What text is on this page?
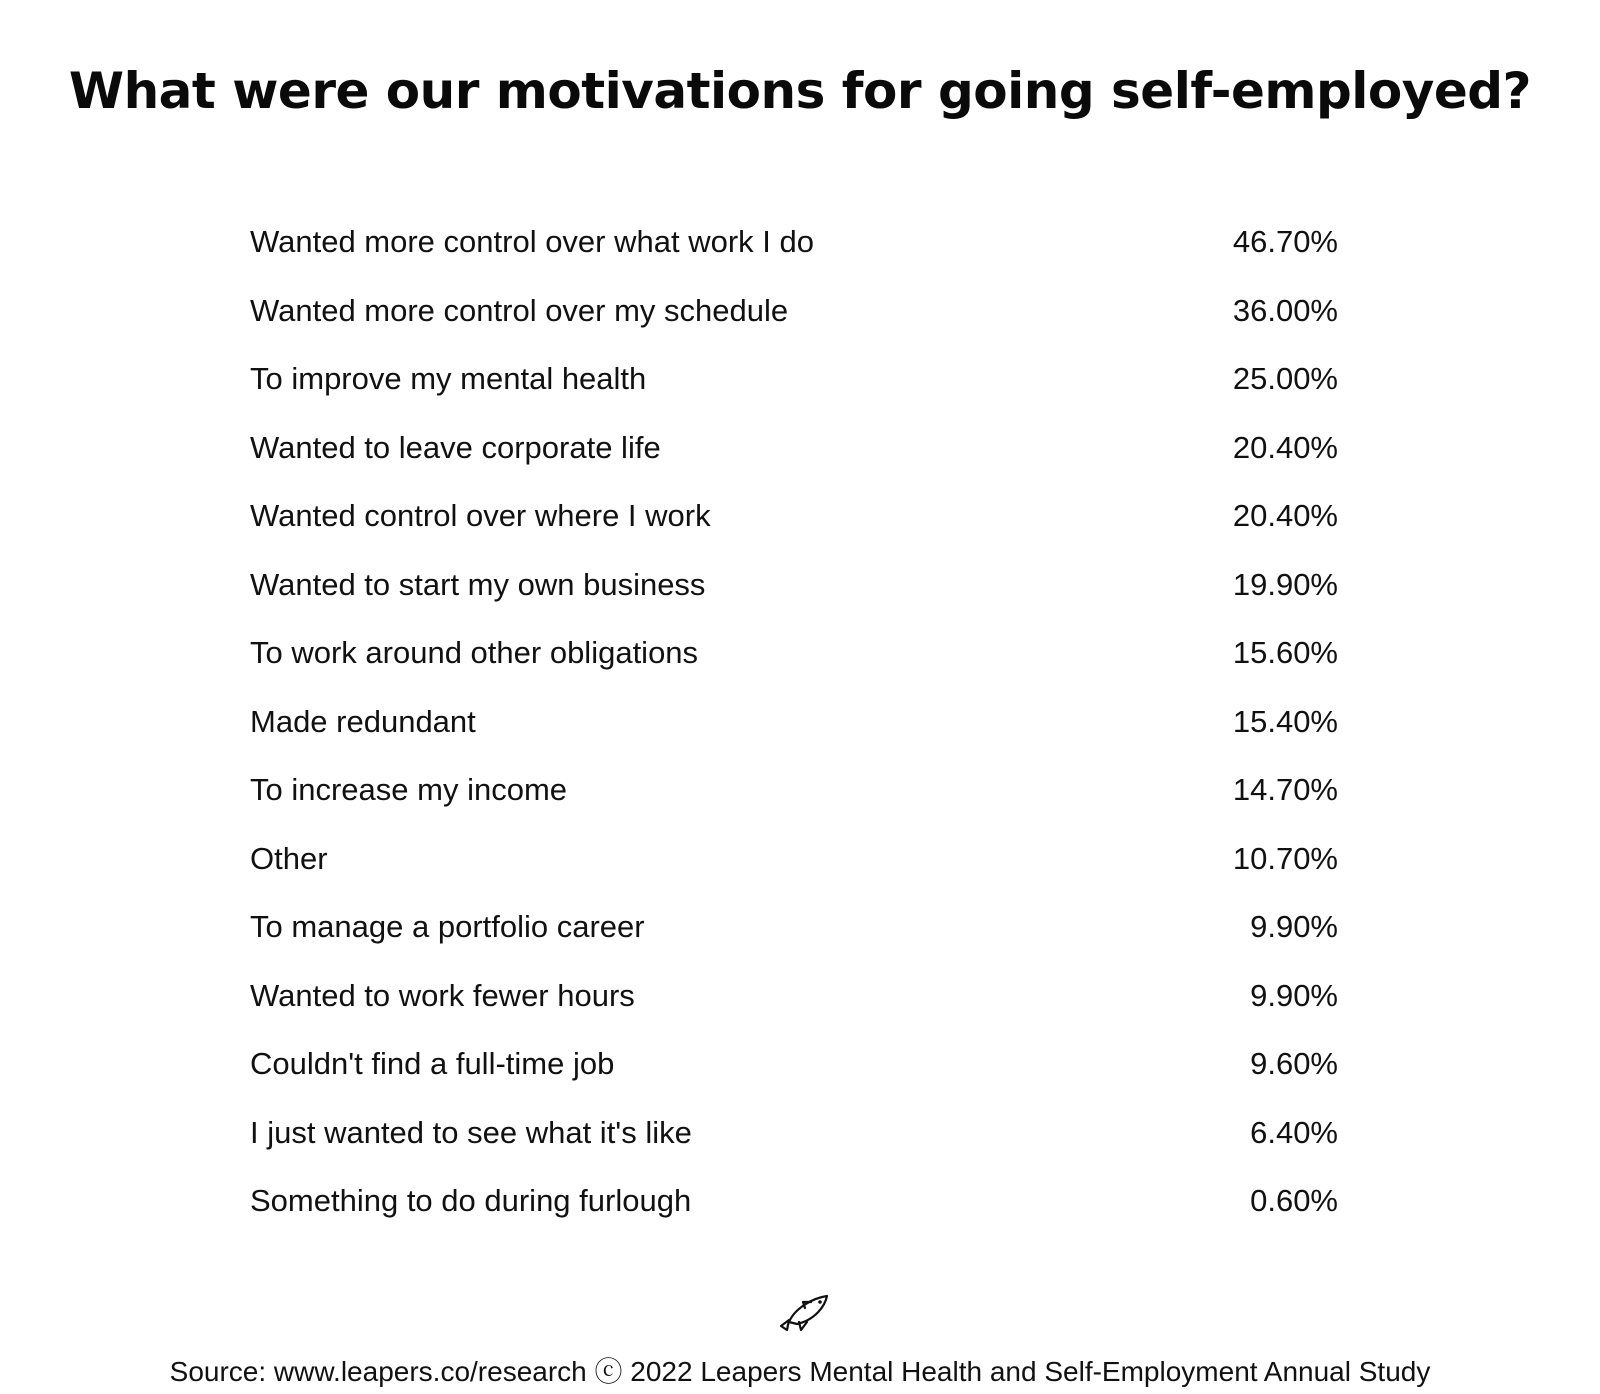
What were our motivations for going self-employed?
Wanted more control over what work I do	46.70%
Wanted more control over my schedule	36.00%
To improve my mental health	25.00%
Wanted to leave corporate life	20.40%
Wanted control over where I work	20.40%
Wanted to start my own business	19.90%
To work around other obligations	15.60%
Made redundant	15.40%
To increase my income	14.70%
Other	10.70%
To manage a portfolio career	9.90%
Wanted to work fewer hours	9.90%
Couldn't find a full-time job	9.60%
I just wanted to see what it's like	6.40%
Something to do during furlough	0.60%
Source: www.leapers.co/research ⓒ 2022 Leapers Mental Health and Self-Employment Annual Study
